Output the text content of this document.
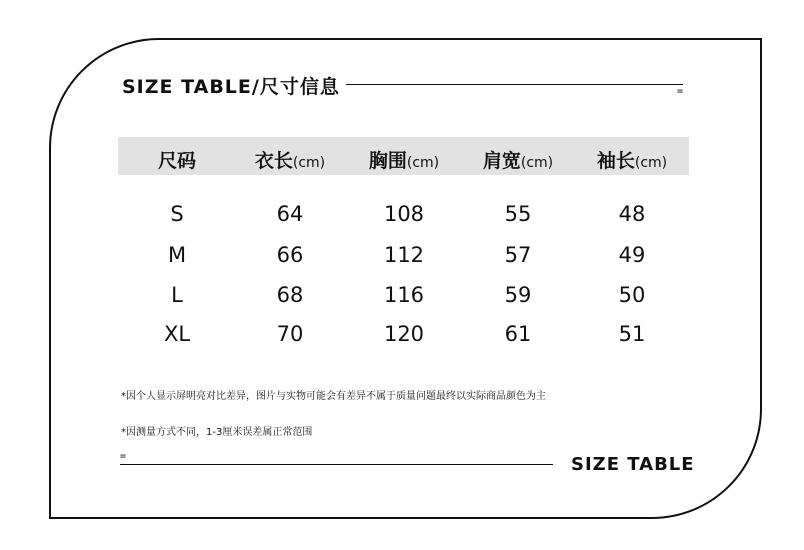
SIZE TABLE/尺寸信息	=
尺码	衣长(cm) 胸围(cm) 肩宽(cm) 袖长(cm)
S	64	108	55	48
M	66	112	57	49
L	68	116	59	50
XL	70	120	61	51
*因个人显示屏明亮对比差异，图片与实物可能会有差异不属于质量问题最终以实际商品颜色为主
*因测量方式不同，1-3厘米误差属正常范围
=	SIZE TABLE
